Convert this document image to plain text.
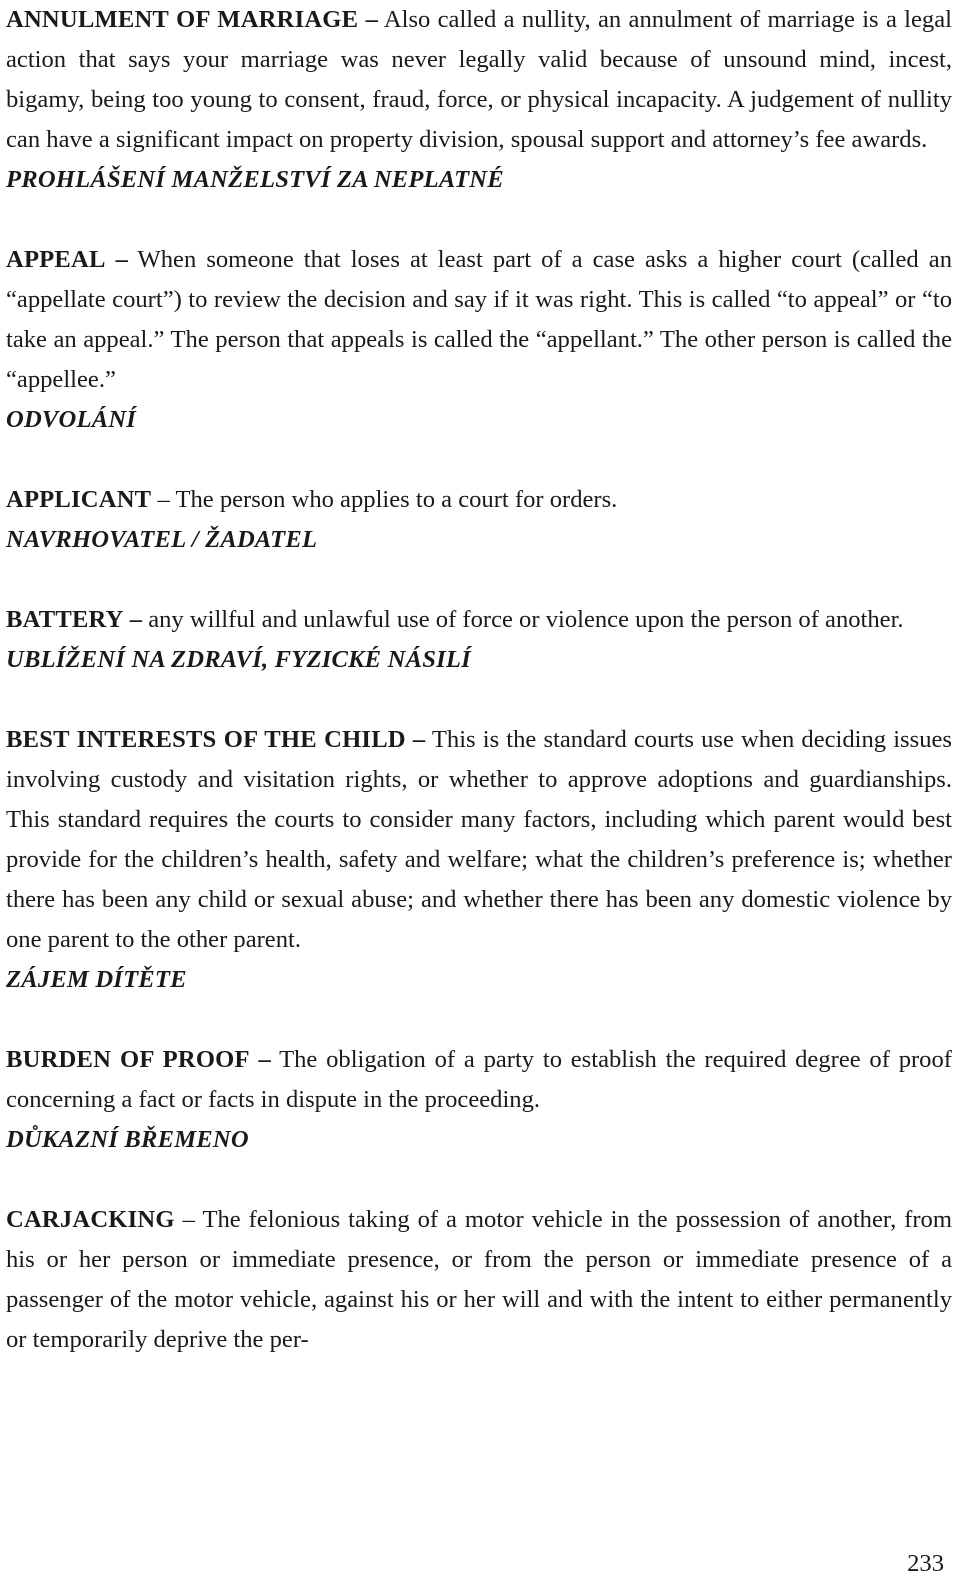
ANNULMENT OF MARRIAGE – Also called a nullity, an annulment of marriage is a legal action that says your marriage was never legally valid because of unsound mind, incest, bigamy, being too young to consent, fraud, force, or physical incapacity. A judgement of nullity can have a significant impact on property division, spousal support and attorney’s fee awards.

PROHLÁŠENÍ MANŽELSTVÍ ZA NEPLATNÉ

APPEAL – When someone that loses at least part of a case asks a higher court (called an “appellate court”) to review the decision and say if it was right. This is called “to appeal” or “to take an appeal.” The person that appeals is called the “appellant.” The other person is called the “appellee.”

ODVOLÁNÍ

APPLICANT – The person who applies to a court for orders.

NAVRHOVATEL / ŽADATEL

BATTERY – any willful and unlawful use of force or violence upon the person of another.

UBLÍŽENÍ NA ZDRAVÍ, FYZICKÉ NÁSILÍ

BEST INTERESTS OF THE CHILD – This is the standard courts use when deciding issues involving custody and visitation rights, or whether to approve adoptions and guardianships. This standard requires the courts to consider many factors, including which parent would best provide for the children’s health, safety and welfare; what the children’s preference is; whether there has been any child or sexual abuse; and whether there has been any domestic violence by one parent to the other parent.

ZÁJEM DÍTĚTE

BURDEN OF PROOF – The obligation of a party to establish the required degree of proof concerning a fact or facts in dispute in the proceeding.

DŮKAZNÍ BŘEMENO

CARJACKING – The felonious taking of a motor vehicle in the possession of another, from his or her person or immediate presence, or from the person or immediate presence of a passenger of the motor vehicle, against his or her will and with the intent to either permanently or temporarily deprive the per-

233
